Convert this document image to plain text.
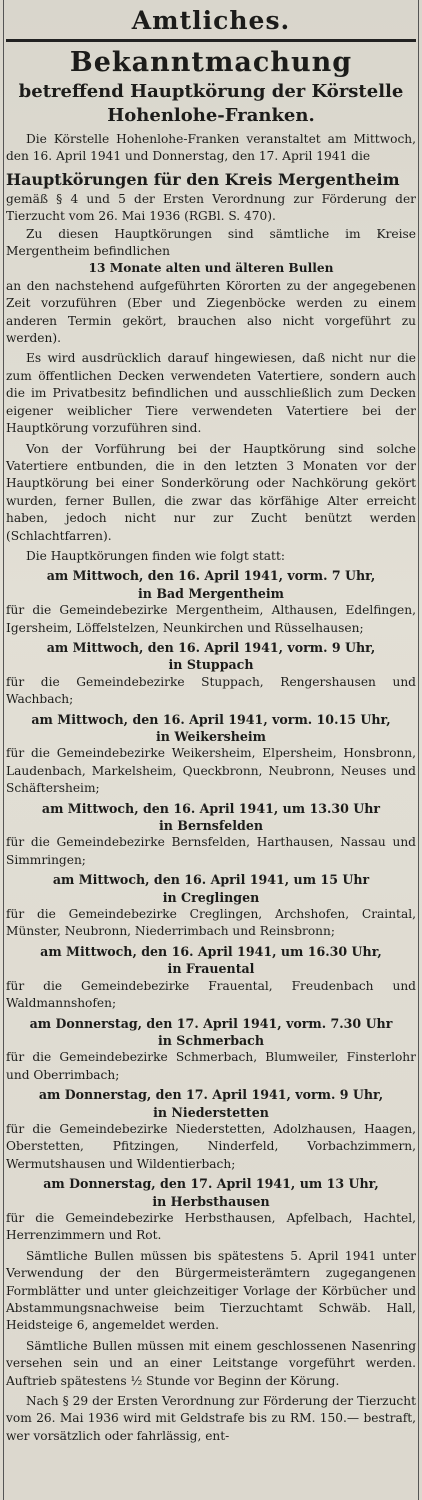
Amtliches.
Bekanntmachung
betreffend Hauptkörung der Körstelle
Hohenlohe-Franken.

Die Körstelle Hohenlohe-Franken veranstaltet am Mittwoch, den 16. April 1941 und Donnerstag, den 17. April 1941 die

Hauptkörungen für den Kreis Mergentheim

gemäß § 4 und 5 der Ersten Verordnung zur Förderung der Tierzucht vom 26. Mai 1936 (RGBl. S. 470).

Zu diesen Hauptkörungen sind sämtliche im Kreise Mergentheim befindlichen

13 Monate alten und älteren Bullen

an den nachstehend aufgeführten Körorten zu der angegebenen Zeit vorzuführen (Eber und Ziegenböcke werden zu einem anderen Termin gekört, brauchen also nicht vorgeführt zu werden).

Es wird ausdrücklich darauf hingewiesen, daß nicht nur die zum öffentlichen Decken verwendeten Vatertiere, sondern auch die im Privatbesitz befindlichen und ausschließlich zum Decken eigener weiblicher Tiere verwendeten Vatertiere bei der Hauptkörung vorzuführen sind.

Von der Vorführung bei der Hauptkörung sind solche Vatertiere entbunden, die in den letzten 3 Monaten vor der Hauptkörung bei einer Sonderkörung oder Nachkörung gekört wurden, ferner Bullen, die zwar das körfähige Alter erreicht haben, jedoch nicht nur zur Zucht benützt werden (Schlachtfarren).

Die Hauptkörungen finden wie folgt statt:

am Mittwoch, den 16. April 1941, vorm. 7 Uhr,
in Bad Mergentheim

für die Gemeindebezirke Mergentheim, Althausen, Edelfingen, Igersheim, Löffelstelzen, Neunkirchen und Rüsselhausen;

am Mittwoch, den 16. April 1941, vorm. 9 Uhr,
in Stuppach

für die Gemeindebezirke Stuppach, Rengershausen und Wachbach;

am Mittwoch, den 16. April 1941, vorm. 10.15 Uhr,
in Weikersheim

für die Gemeindebezirke Weikersheim, Elpersheim, Honsbronn, Laudenbach, Markelsheim, Queckbronn, Neubronn, Neuses und Schäftersheim;

am Mittwoch, den 16. April 1941, um 13.30 Uhr
in Bernsfelden

für die Gemeindebezirke Bernsfelden, Harthausen, Nassau und Simmringen;

am Mittwoch, den 16. April 1941, um 15 Uhr
in Creglingen

für die Gemeindebezirke Creglingen, Archshofen, Craintal, Münster, Neubronn, Niederrimbach und Reinsbronn;

am Mittwoch, den 16. April 1941, um 16.30 Uhr,
in Frauental

für die Gemeindebezirke Frauental, Freudenbach und Waldmannshofen;

am Donnerstag, den 17. April 1941, vorm. 7.30 Uhr
in Schmerbach

für die Gemeindebezirke Schmerbach, Blumweiler, Finsterlohr und Oberrimbach;

am Donnerstag, den 17. April 1941, vorm. 9 Uhr,
in Niederstetten

für die Gemeindebezirke Niederstetten, Adolzhausen, Haagen, Oberstetten, Pfitzingen, Ninderfeld, Vorbachzimmern, Wermutshausen und Wildentierbach;

am Donnerstag, den 17. April 1941, um 13 Uhr,
in Herbsthausen

für die Gemeindebezirke Herbsthausen, Apfelbach, Hachtel, Herrenzimmern und Rot.

Sämtliche Bullen müssen bis spätestens 5. April 1941 unter Verwendung der den Bürgermeisterämtern zugegangenen Formblätter und unter gleichzeitiger Vorlage der Körbücher und Abstammungsnachweise beim Tierzuchtamt Schwäb. Hall, Heidsteige 6, angemeldet werden.

Sämtliche Bullen müssen mit einem geschlossenen Nasenring versehen sein und an einer Leitstange vorgeführt werden. Auftrieb spätestens ½ Stunde vor Beginn der Körung.

Nach § 29 der Ersten Verordnung zur Förderung der Tierzucht vom 26. Mai 1936 wird mit Geldstrafe bis zu RM. 150.— bestraft, wer vorsätzlich oder fahrlässig, ent-
